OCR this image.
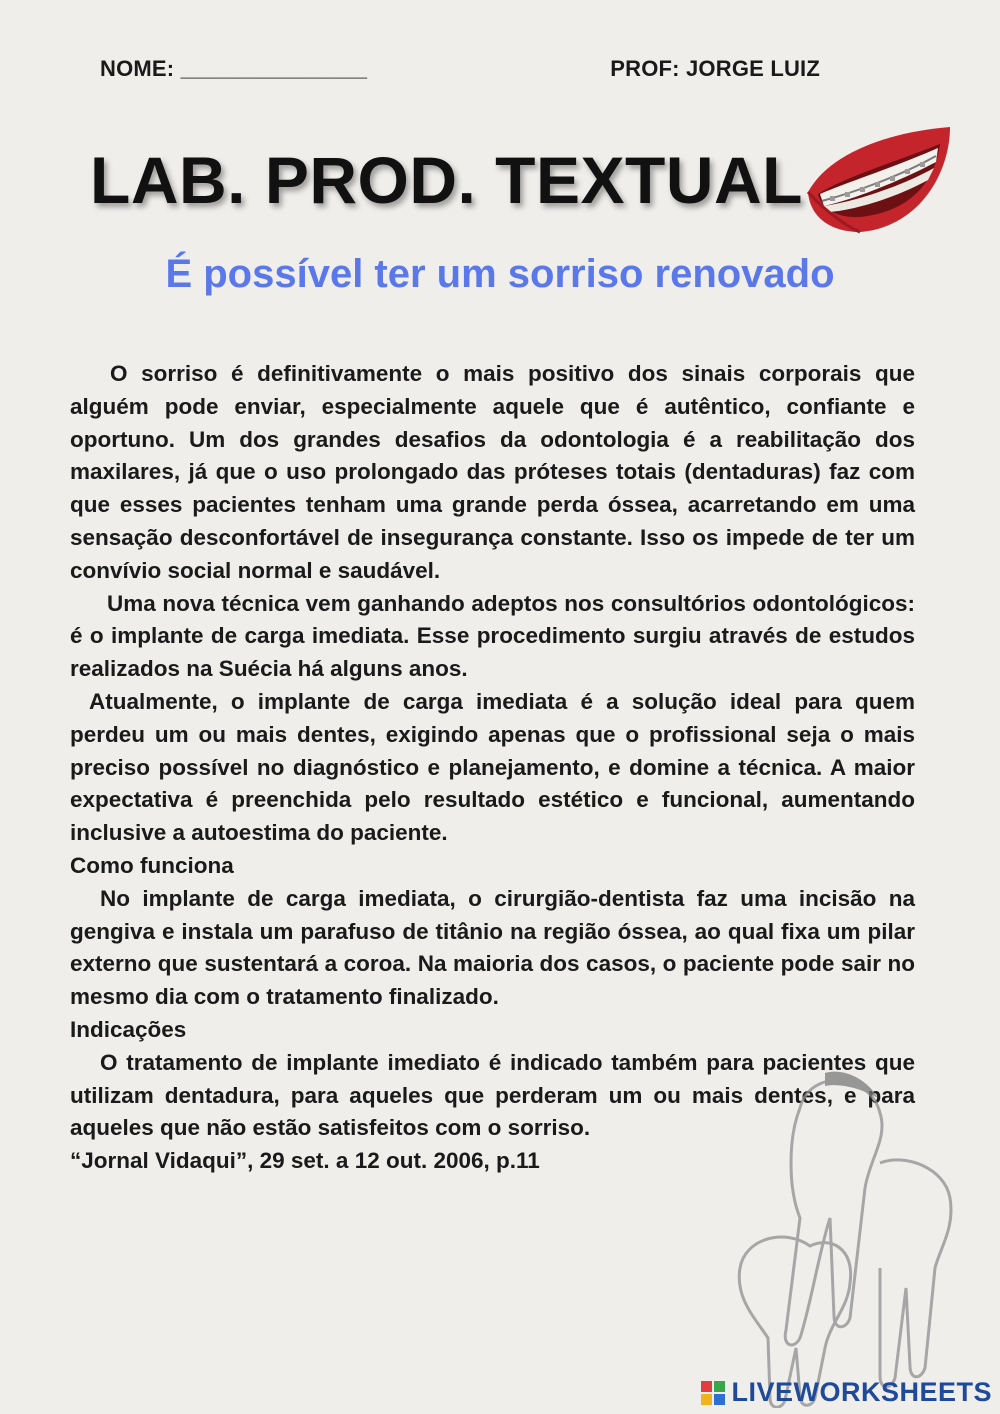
NOME: _______________	PROF: JORGE LUIZ
LAB. PROD. TEXTUAL
É possível ter um sorriso renovado

O sorriso é definitivamente o mais positivo dos sinais corporais que alguém pode enviar, especialmente aquele que é autêntico, confiante e oportuno. Um dos grandes desafios da odontologia é a reabilitação dos maxilares, já que o uso prolongado das próteses totais (dentaduras) faz com que esses pacientes tenham uma grande perda óssea, acarretando em uma sensação desconfortável de insegurança constante. Isso os impede de ter um convívio social normal e saudável.

Uma nova técnica vem ganhando adeptos nos consultórios odontológicos: é o implante de carga imediata. Esse procedimento surgiu através de estudos realizados na Suécia há alguns anos.

Atualmente, o implante de carga imediata é a solução ideal para quem perdeu um ou mais dentes, exigindo apenas que o profissional seja o mais preciso possível no diagnóstico e planejamento, e domine a técnica. A maior expectativa é preenchida pelo resultado estético e funcional, aumentando inclusive a autoestima do paciente.

Como funciona

No implante de carga imediata, o cirurgião-dentista faz uma incisão na gengiva e instala um parafuso de titânio na região óssea, ao qual fixa um pilar externo que sustentará a coroa. Na maioria dos casos, o paciente pode sair no mesmo dia com o tratamento finalizado.

Indicações

O tratamento de implante imediato é indicado também para pacientes que utilizam dentadura, para aqueles que perderam um ou mais dentes, e para aqueles que não estão satisfeitos com o sorriso.

“Jornal Vidaqui”, 29 set. a 12 out. 2006, p.11

LIVEWORKSHEETS
